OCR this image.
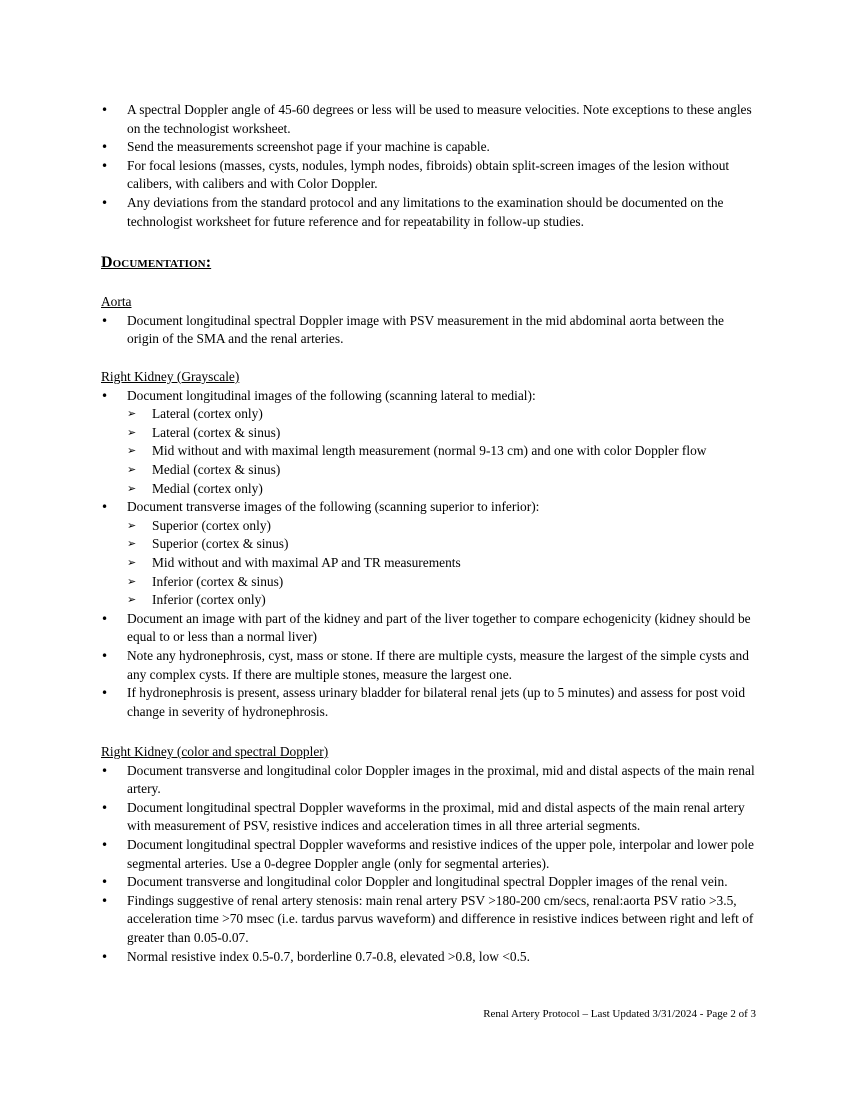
• A spectral Doppler angle of 45-60 degrees or less will be used to measure velocities. Note exceptions to these angles on the technologist worksheet.
• Send the measurements screenshot page if your machine is capable.
• For focal lesions (masses, cysts, nodules, lymph nodes, fibroids) obtain split-screen images of the lesion without calibers, with calibers and with Color Doppler.
• Any deviations from the standard protocol and any limitations to the examination should be documented on the technologist worksheet for future reference and for repeatability in follow-up studies.
Documentation:
Aorta
• Document longitudinal spectral Doppler image with PSV measurement in the mid abdominal aorta between the origin of the SMA and the renal arteries.
Right Kidney (Grayscale)
• Document longitudinal images of the following (scanning lateral to medial):
➢ Lateral (cortex only)
➢ Lateral (cortex & sinus)
➢ Mid without and with maximal length measurement (normal 9-13 cm) and one with color Doppler flow
➢ Medial (cortex & sinus)
➢ Medial (cortex only)
• Document transverse images of the following (scanning superior to inferior):
➢ Superior (cortex only)
➢ Superior (cortex & sinus)
➢ Mid without and with maximal AP and TR measurements
➢ Inferior (cortex & sinus)
➢ Inferior (cortex only)
• Document an image with part of the kidney and part of the liver together to compare echogenicity (kidney should be equal to or less than a normal liver)
• Note any hydronephrosis, cyst, mass or stone. If there are multiple cysts, measure the largest of the simple cysts and any complex cysts. If there are multiple stones, measure the largest one.
• If hydronephrosis is present, assess urinary bladder for bilateral renal jets (up to 5 minutes) and assess for post void change in severity of hydronephrosis.
Right Kidney (color and spectral Doppler)
• Document transverse and longitudinal color Doppler images in the proximal, mid and distal aspects of the main renal artery.
• Document longitudinal spectral Doppler waveforms in the proximal, mid and distal aspects of the main renal artery with measurement of PSV, resistive indices and acceleration times in all three arterial segments.
• Document longitudinal spectral Doppler waveforms and resistive indices of the upper pole, interpolar and lower pole segmental arteries. Use a 0-degree Doppler angle (only for segmental arteries).
• Document transverse and longitudinal color Doppler and longitudinal spectral Doppler images of the renal vein.
• Findings suggestive of renal artery stenosis: main renal artery PSV >180-200 cm/secs, renal:aorta PSV ratio >3.5, acceleration time >70 msec (i.e. tardus parvus waveform) and difference in resistive indices between right and left of greater than 0.05-0.07.
• Normal resistive index 0.5-0.7, borderline 0.7-0.8, elevated >0.8, low <0.5.
Renal Artery Protocol – Last Updated 3/31/2024 - Page 2 of 3
